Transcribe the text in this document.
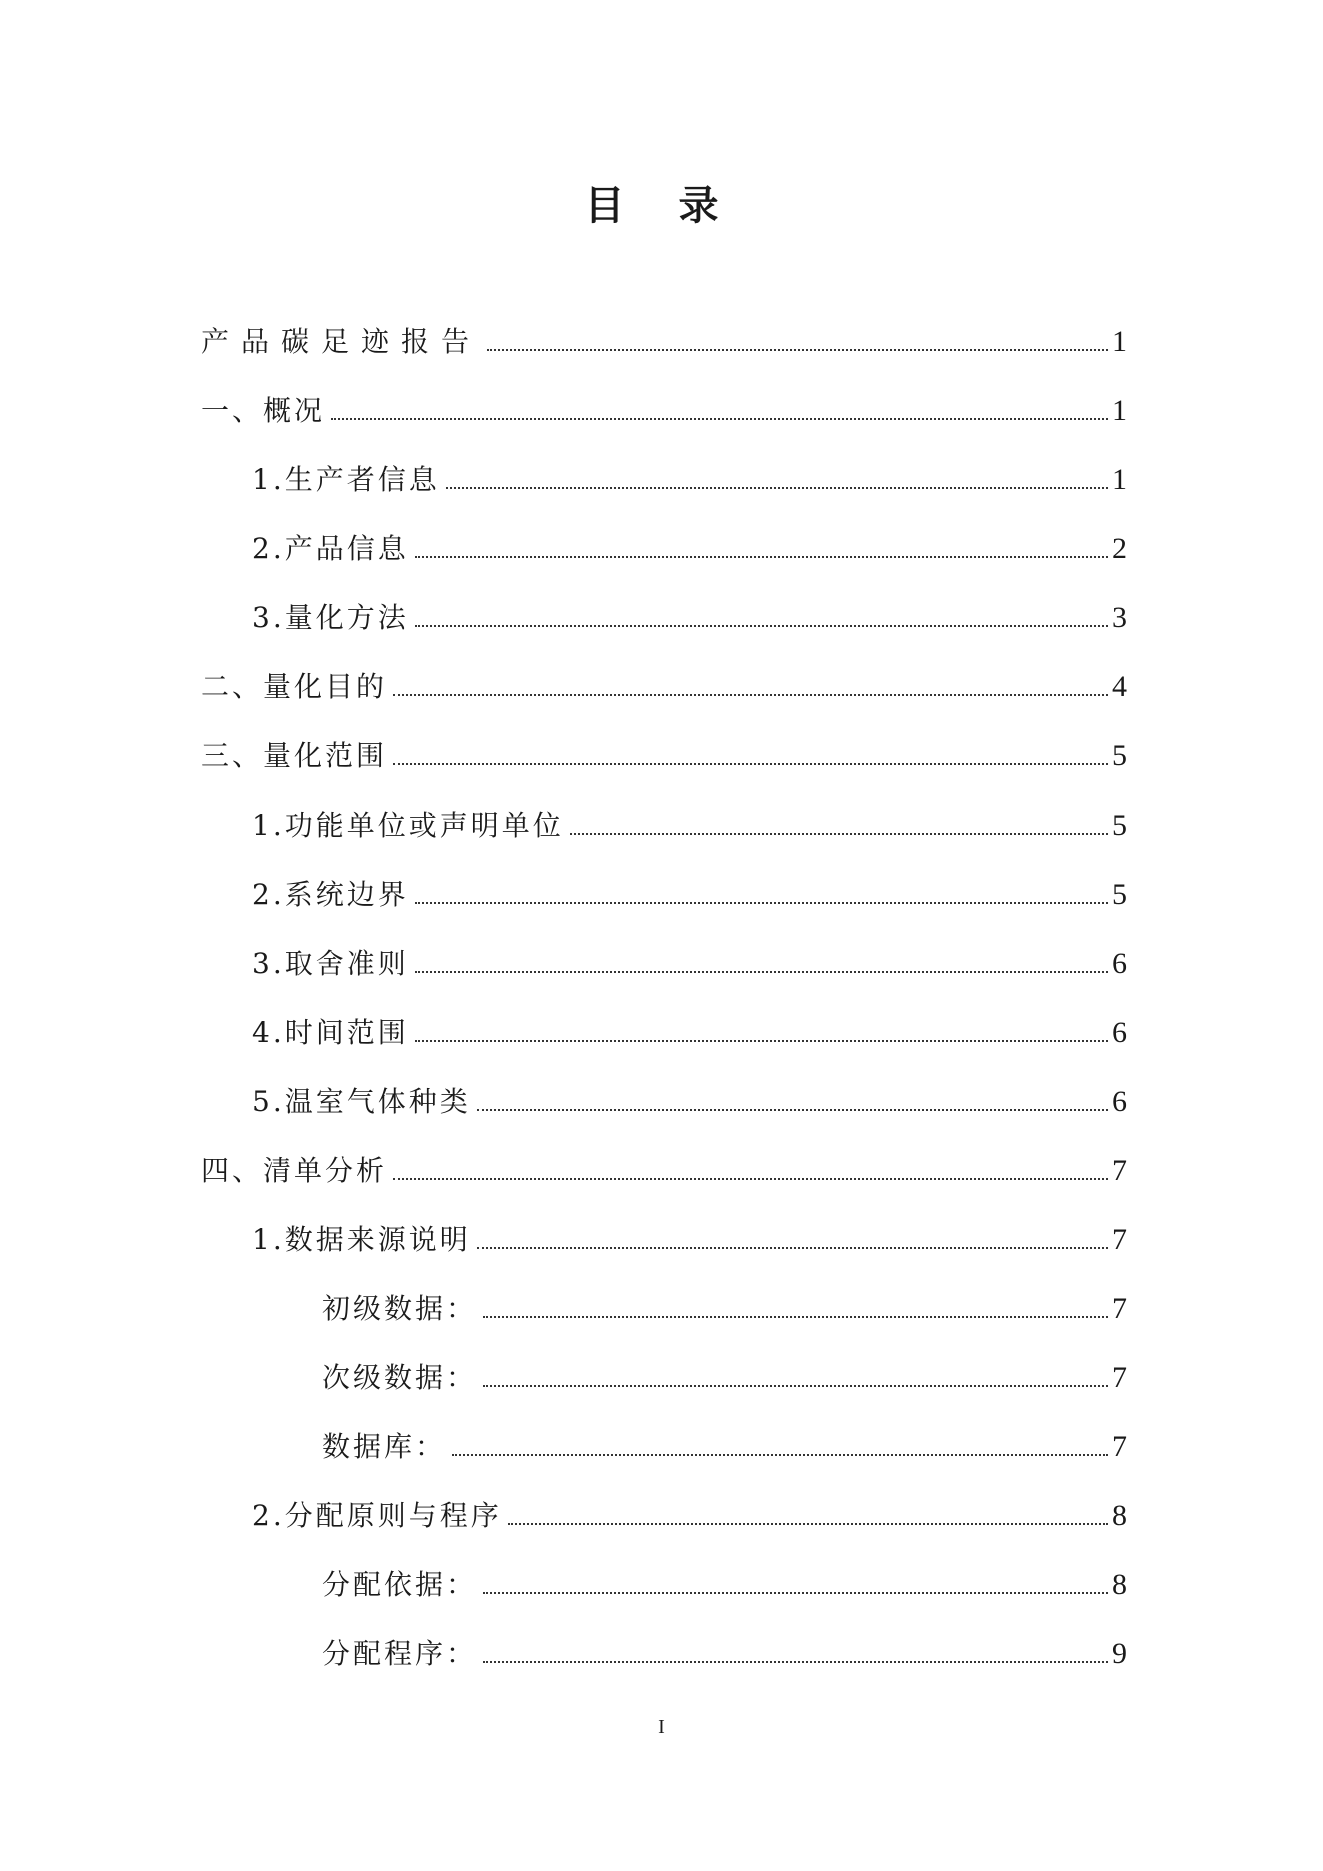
目 录
产品碳足迹报告	1
一、概况	1
1.生产者信息	1
2.产品信息	2
3.量化方法	3
二、量化目的	4
三、量化范围	5
1.功能单位或声明单位	5
2.系统边界	5
3.取舍准则	6
4.时间范围	6
5.温室气体种类	6
四、清单分析	7
1.数据来源说明	7
初级数据：	7
次级数据：	7
数据库：	7
2.分配原则与程序	8
分配依据：	8
分配程序：	9
I
